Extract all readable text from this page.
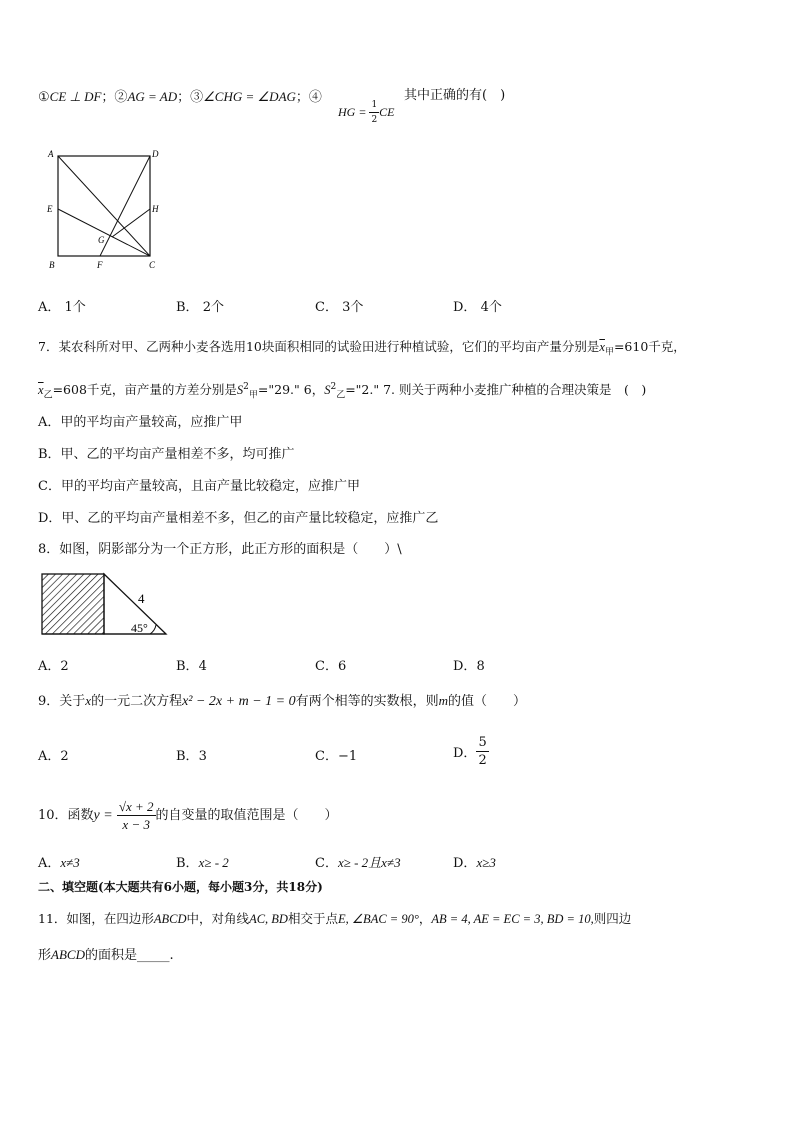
①CE ⊥ DF；②AG = AD；③∠CHG = ∠DAG；④
HG = $\frac{1}{2}$ CE
其中正确的有(　)
A	D
E	H
G
B	F	C
A． 1个	B． 2个	C． 3个	D． 4个
7．某农科所对甲、乙两种小麦各选用10块面积相同的试验田进行种植试验，它们的平均亩产量分别是$\overline{x}_甲=610$千克，
$\overline{x}_乙=608$千克，亩产量的方差分别是$S^2_甲="29$." 6，$S^2_乙="2$." 7. 则关于两种小麦推广种植的合理决策是　(　)
A．甲的平均亩产量较高，应推广甲
B．甲、乙的平均亩产量相差不多，均可推广
C．甲的平均亩产量较高，且亩产量比较稳定，应推广甲
D．甲、乙的平均亩产量相差不多，但乙的亩产量比较稳定，应推广乙
8．如图，阴影部分为一个正方形，此正方形的面积是（　　）\
4
45°
A．2	B．4	C．6	D．8
9．关于x的一元二次方程x² − 2x + m − 1 = 0有两个相等的实数根，则m的值（　　）
A．2	B．3	C．−1	D． $\frac{5}{2}$
10．函数$y = \frac{√x + 2}{x - 3}$ 的自变量的取值范围是（　　）
A．x≠3	B．x≥ - 2	C．x≥ - 2且x≠3	D．x≥3
二、填空题(本大题共有6小题，每小题3分，共18分)
11．如图，在四边形ABCD中，对角线AC, BD相交于点E, ∠BAC = 90°，AB = 4, AE = EC = 3, BD = 10,则四边
形ABCD的面积是_____.
